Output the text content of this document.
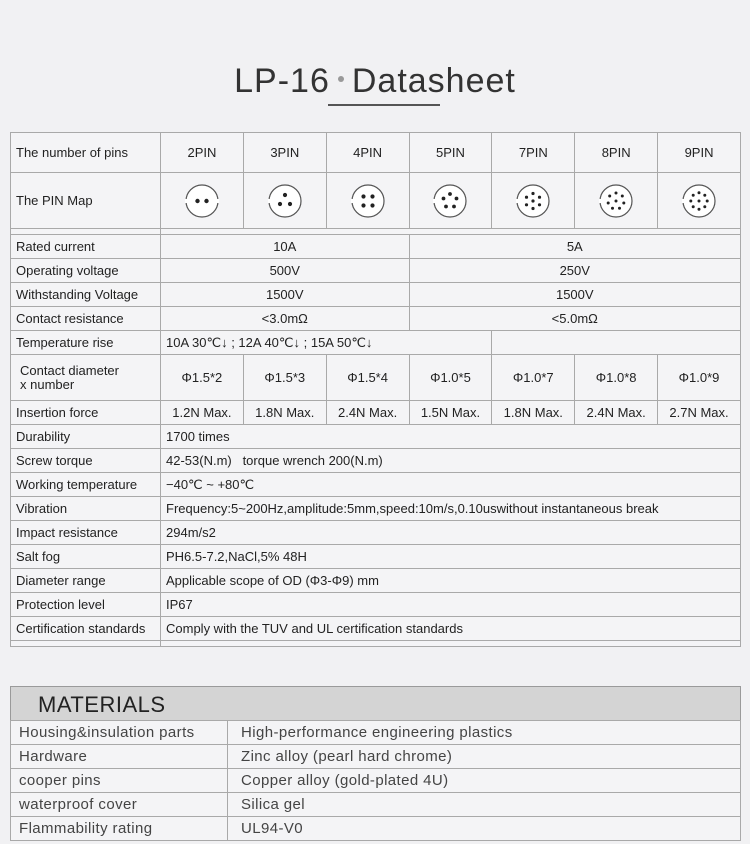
LP-16 Datasheet
The number of pins	2PIN	3PIN	4PIN	5PIN	7PIN	8PIN	9PIN
The PIN Map							

Rated current	10A			5A			
Operating voltage	500V			250V			
Withstanding Voltage	1500V			1500V			
Contact resistance	<3.0mΩ			<5.0mΩ			
Temperature rise	10A 30℃↓ ; 12A 40℃↓ ; 15A 50℃↓						

Contact diameter
x number	Φ1.5*2	Φ1.5*3	Φ1.5*4	Φ1.0*5	Φ1.0*7	Φ1.0*8	Φ1.0*9
Insertion force	1.2N Max.	1.8N Max.	2.4N Max.	1.5N Max.	1.8N Max.	2.4N Max.	2.7N Max.
Durability	1700 times						
Screw torque	42-53(N.m)   torque wrench 200(N.m)						
Working temperature	−40℃ ~ +80℃						
Vibration	Frequency:5~200Hz,amplitude:5mm,speed:10m/s,0.10uswithout instantaneous break						
Impact resistance	294m/s2						
Salt fog	PH6.5-7.2,NaCl,5% 48H						
Diameter range	Applicable scope of OD (Φ3-Φ9) mm						
Protection level	IP67						
Certification standards	Comply with the TUV and UL certification standards						

MATERIALS
Housing&insulation parts	High-performance engineering plastics
Hardware	Zinc alloy (pearl hard chrome)
cooper pins	Copper alloy (gold-plated 4U)
waterproof cover	Silica gel
Flammability rating	UL94-V0
